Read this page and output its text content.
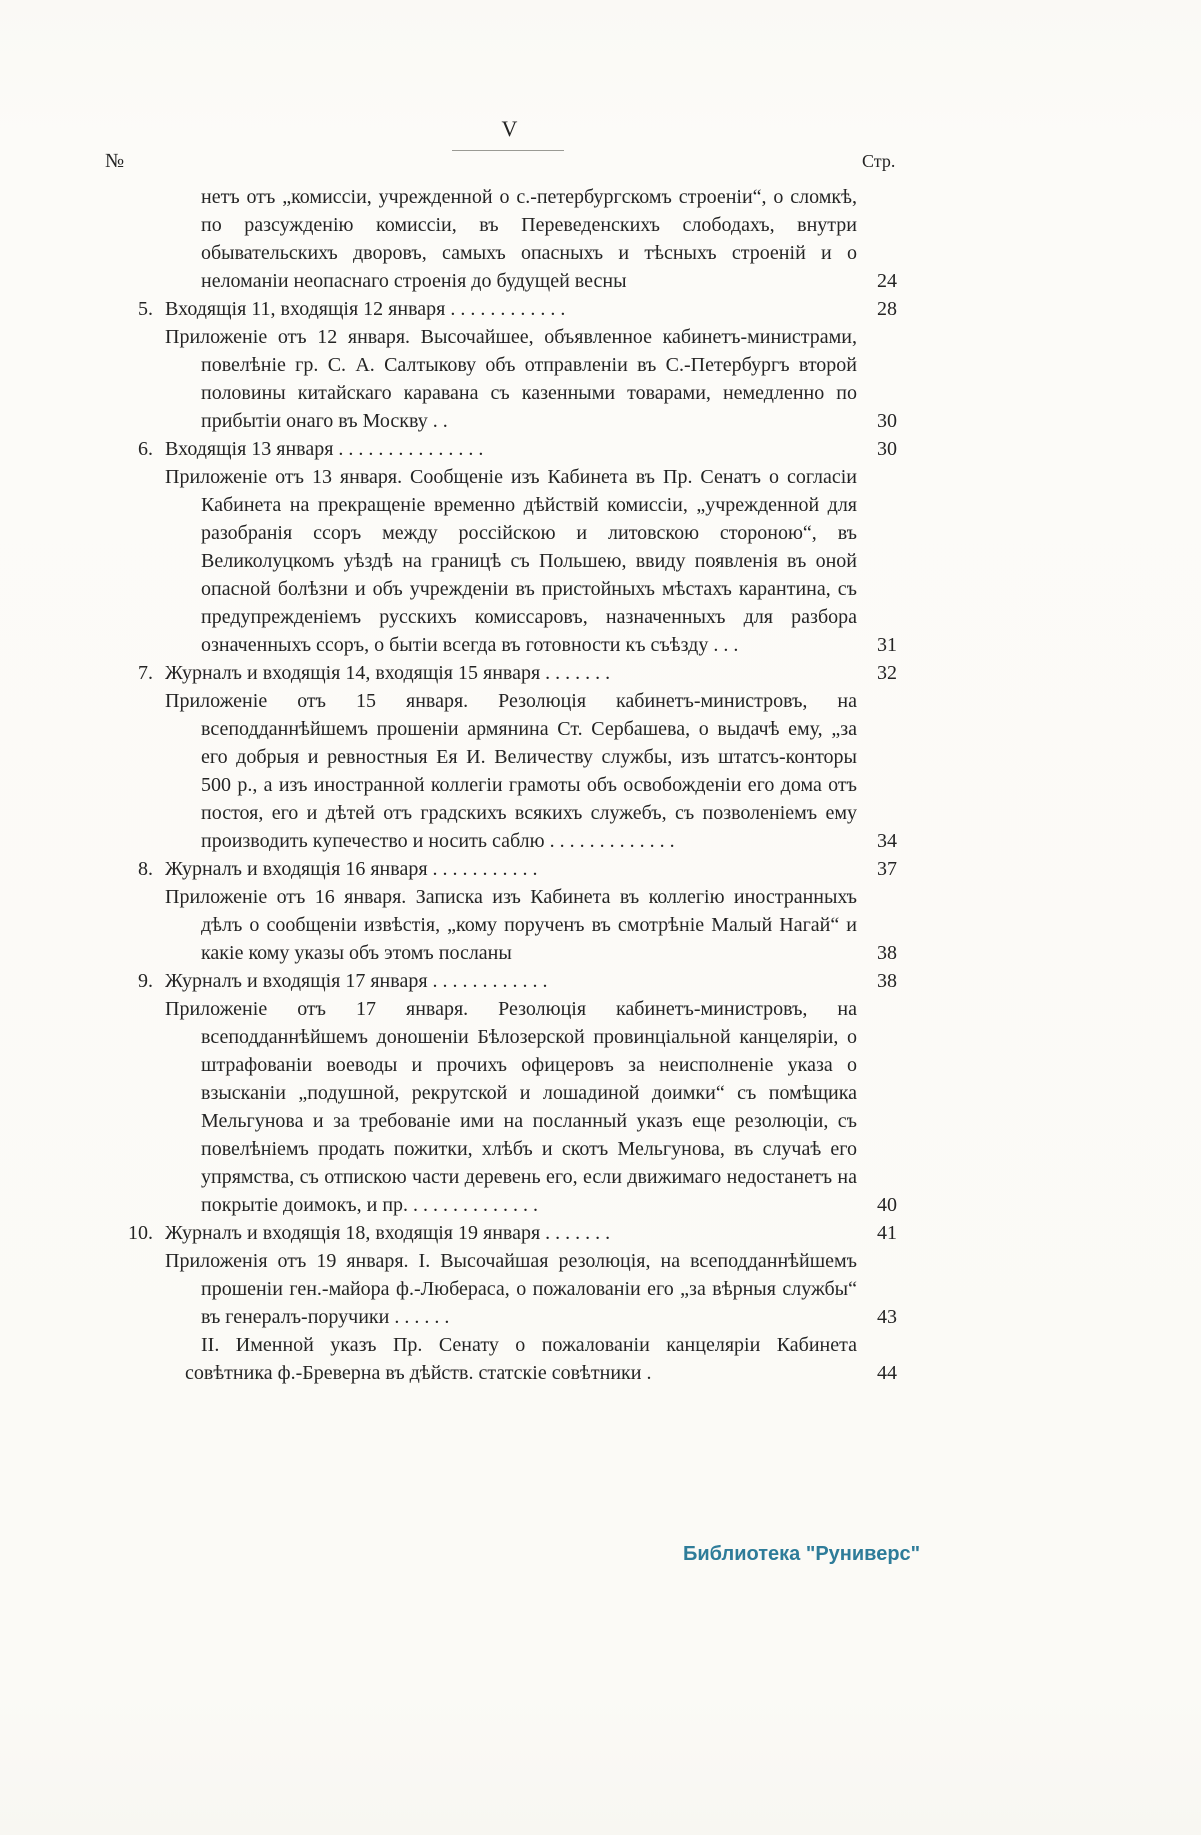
V
№	Стр.
нетъ отъ „комиссіи, учрежденной о с.-петербургскомъ строеніи“, о сломкѣ, по разсужденію комиссіи, въ Переведенскихъ слободахъ, внутри обывательскихъ дворовъ, самыхъ опасныхъ и тѣсныхъ строеній и о неломаніи неопаснаго строенія до будущей весны	24
5. Входящія 11, входящія 12 января . . . . . . . . . . . .	28
Приложеніе отъ 12 января. Высочайшее, объявленное кабинетъ-министрами, повелѣніе гр. С. А. Салтыкову объ отправленіи въ С.-Петербургъ второй половины китайскаго каравана съ казенными товарами, немедленно по прибытіи онаго въ Москву . .	30
6. Входящія 13 января . . . . . . . . . . . . . . .	30
Приложеніе отъ 13 января. Сообщеніе изъ Кабинета въ Пр. Сенатъ о согласіи Кабинета на прекращеніе временно дѣйствій комиссіи, „учрежденной для разобранія ссоръ между россійскою и литовскою стороною“, въ Великолуцкомъ уѣздѣ на границѣ съ Польшею, ввиду появленія въ оной опасной болѣзни и объ учрежденіи въ пристойныхъ мѣстахъ карантина, съ предупрежденіемъ русскихъ комиссаровъ, назначенныхъ для разбора означенныхъ ссоръ, о бытіи всегда въ готовности къ съѣзду . . .	31
7. Журналъ и входящія 14, входящія 15 января . . . . . . .	32
Приложеніе отъ 15 января. Резолюція кабинетъ-министровъ, на всеподданнѣйшемъ прошеніи армянина Ст. Сербашева, о выдачѣ ему, „за его добрыя и ревностныя Ея И. Величеству службы, изъ штатсъ-конторы 500 р., а изъ иностранной коллегіи грамоты объ освобожденіи его дома отъ постоя, его и дѣтей отъ градскихъ всякихъ служебъ, съ позволеніемъ ему производить купечество и носить саблю . . . . . . . . . . . . .	34
8. Журналъ и входящія 16 января . . . . . . . . . . .	37
Приложеніе отъ 16 января. Записка изъ Кабинета въ коллегію иностранныхъ дѣлъ о сообщеніи извѣстія, „кому порученъ въ смотрѣніе Малый Нагай“ и какіе кому указы объ этомъ посланы	38
9. Журналъ и входящія 17 января . . . . . . . . . . . .	38
Приложеніе отъ 17 января. Резолюція кабинетъ-министровъ, на всеподданнѣйшемъ доношеніи Бѣлозерской провинціальной канцеляріи, о штрафованіи воеводы и прочихъ офицеровъ за неисполненіе указа о взысканіи „подушной, рекрутской и лошадиной доимки“ съ помѣщика Мельгунова и за требованіе ими на посланный указъ еще резолюціи, съ повелѣніемъ продать пожитки, хлѣбъ и скотъ Мельгунова, въ случаѣ его упрямства, съ отпискою части деревень его, если движимаго недостанетъ на покрытіе доимокъ, и пр. . . . . . . . . . . . . .	40
10. Журналъ и входящія 18, входящія 19 января . . . . . . .	41
Приложенія отъ 19 января. I. Высочайшая резолюція, на всеподданнѣйшемъ прошеніи ген.-майора ф.-Любераса, о пожалованіи его „за вѣрныя службы“ въ генералъ-поручики . . . . . .	43
II. Именной указъ Пр. Сенату о пожалованіи канцеляріи Кабинета совѣтника ф.-Бреверна въ дѣйств. статскіе совѣтники .	44
Библиотека "Руниверс"
